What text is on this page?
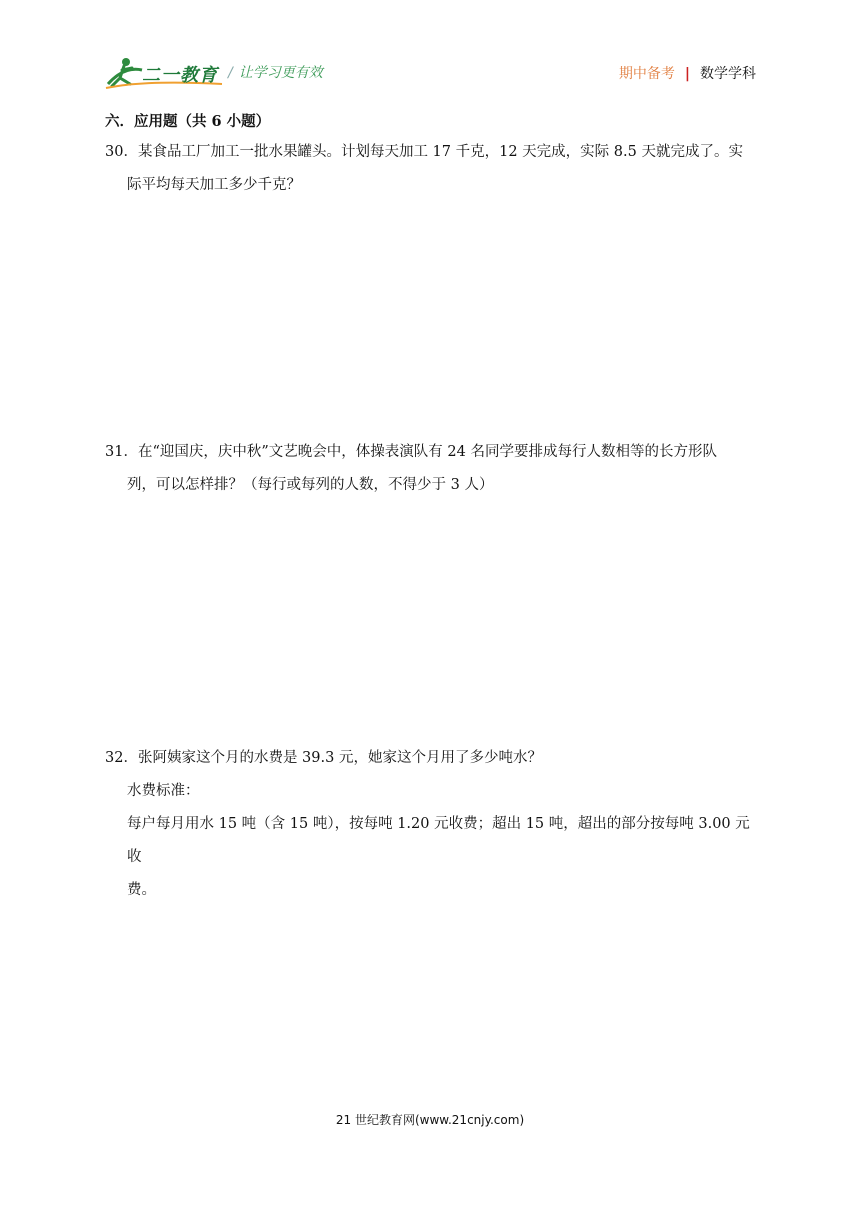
二一教育 / 让学习更有效	期中备考 | 数学学科

六．应用题（共 6 小题）

30．某食品工厂加工一批水果罐头。计划每天加工 17 千克，12 天完成，实际 8.5 天就完成了。实

际平均每天加工多少千克？

31．在“迎国庆，庆中秋”文艺晚会中，体操表演队有 24 名同学要排成每行人数相等的长方形队

列，可以怎样排？（每行或每列的人数，不得少于 3 人）

32．张阿姨家这个月的水费是 39.3 元，她家这个月用了多少吨水？

水费标准：

每户每月用水 15 吨（含 15 吨），按每吨 1.20 元收费；超出 15 吨，超出的部分按每吨 3.00 元收

费。

21 世纪教育网(www.21cnjy.com)
